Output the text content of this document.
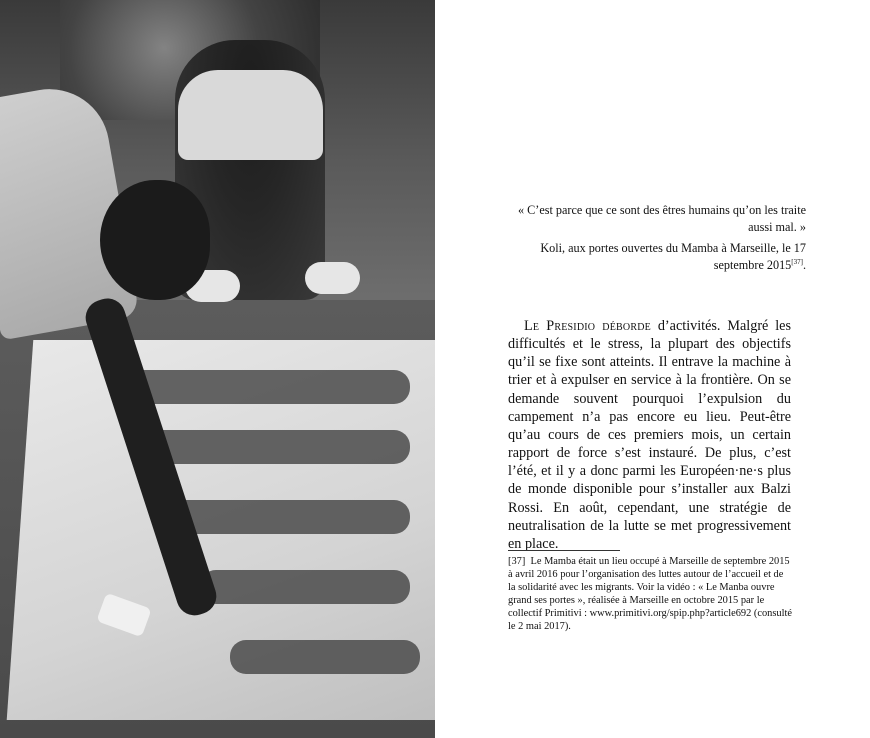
« C’est parce que ce sont des êtres humains qu’on les traite aussi mal. »

Koli, aux portes ouvertes du Mamba à Marseille, le 17 septembre 2015[37].

Le Presidio déborde d’activités. Malgré les difficultés et le stress, la plupart des objectifs qu’il se fixe sont atteints. Il entrave la machine à trier et à expulser en service à la frontière. On se demande souvent pourquoi l’expulsion du campement n’a pas encore eu lieu. Peut-être qu’au cours de ces premiers mois, un certain rapport de force s’est instauré. De plus, c’est l’été, et il y a donc parmi les Européen·ne·s plus de monde disponible pour s’installer aux Balzi Rossi. En août, cependant, une stratégie de neutralisation de la lutte se met progressivement en place.

[37] Le Mamba était un lieu occupé à Marseille de septembre 2015 à avril 2016 pour l’organisation des luttes autour de l’accueil et de la solidarité avec les migrants. Voir la vidéo : « Le Manba ouvre grand ses portes », réalisée à Marseille en octobre 2015 par le collectif Primitivi : www.primitivi.org/spip.php?article692 (consulté le 2 mai 2017).
